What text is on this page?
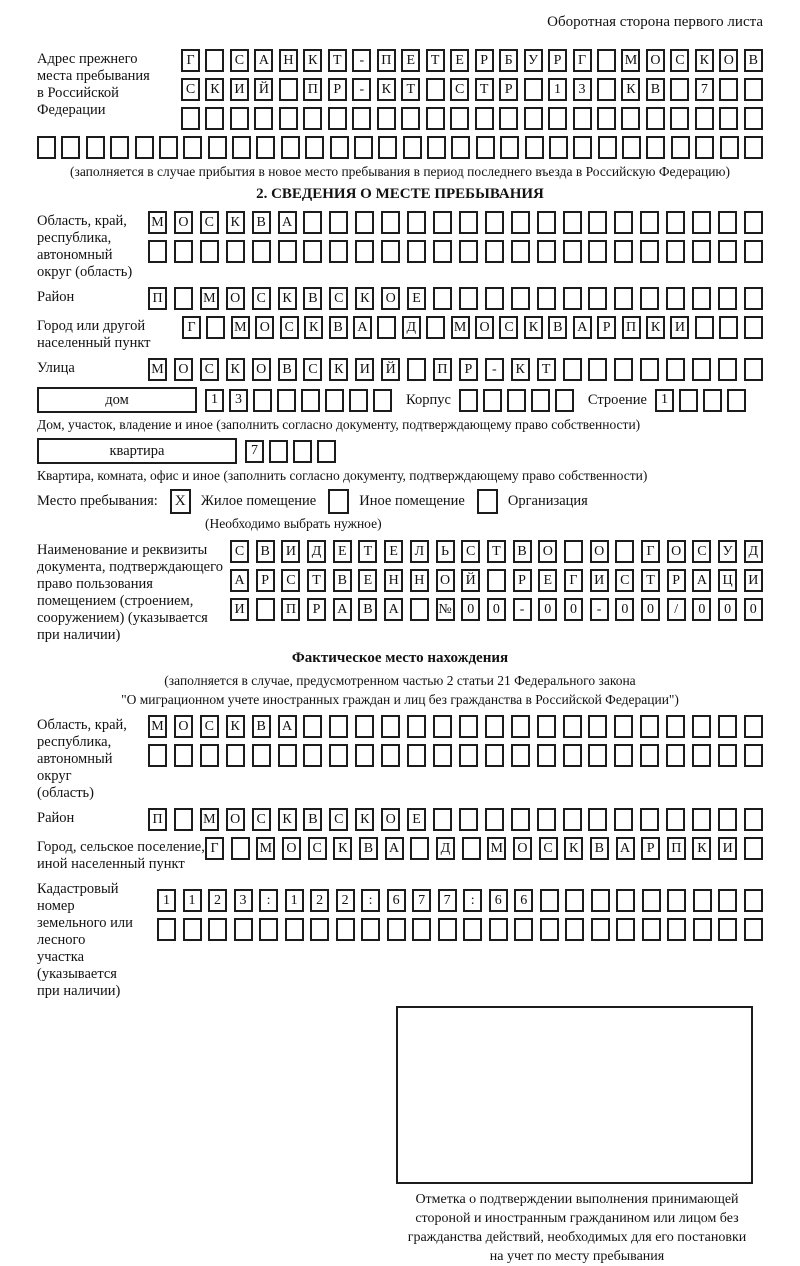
Оборотная сторона первого листа
Адрес прежнего
места пребывания
в Российской
Федерации
Г	С	А	Н	К	Т	-	П	Е	Т	Е	Р	Б	У	Р	Г	М О	С	К	О	В
С	К	И	Й	П	Р	-	К	Т	С	Т	Р	1	3	К	В	7
(заполняется в случае прибытия в новое место пребывания в период последнего въезда в Российскую Федерацию)
2. СВЕДЕНИЯ О МЕСТЕ ПРЕБЫВАНИЯ
Область, край,
республика,
автономный
округ (область)
М	О	С	К	В	А
Район	П	М	О	С	К	В	С	К	О	Е
Город или другой
населенный пункт
Г	М О	С	К	В	А	Д	М О	С	К	В	А	Р	П	К	И
Улица	М	О	С	К	О	В	С	К	И	Й	П	Р	-	К	Т
дом	1	3	Корпус	Строение	1
Дом, участок, владение и иное (заполнить согласно документу, подтверждающему право собственности)
квартира	7
Квартира, комната, офис и иное (заполнить согласно документу, подтверждающему право собственности)
Место пребывания:	X	Жилое помещение	Иное помещение	Организация
(Необходимо выбрать нужное)
Наименование и реквизиты
документа, подтверждающего
право пользования
помещением (строением,
сооружением) (указывается
при наличии)
С	В	И	Д	Е	Т	Е	Л	Ь	С	Т	В	О	О	Г	О	С	У	Д
А	Р	С	Т	В	Е	Н	Н	О	Й	Р	Е	Г	И	С	Т	Р	А	Ц	И
И	П	Р	А	В	А	№	0	0	-	0	0	-	0	0	/	0	0	0
Фактическое место нахождения
(заполняется в случае, предусмотренном частью 2 статьи 21 Федерального закона
"О миграционном учете иностранных граждан и лиц без гражданства в Российской Федерации")
Область, край,
республика,
автономный округ
(область)
М	О	С	К	В	А
Район	П	М	О	С	К	В	С	К	О	Е
Город, сельское поселение,
иной населенный пункт
Г	М	О	С	К	В	А	Д	М	О	С	К	В	А	Р	П	К	И
Кадастровый номер
земельного или лесного
участка (указывается
при наличии)
1	1	2	3	:	1	2	2	:	6	7	7	:	6	6
Отметка о подтверждении выполнения принимающей
стороной и иностранным гражданином или лицом без
гражданства действий, необходимых для его постановки
на учет по месту пребывания
